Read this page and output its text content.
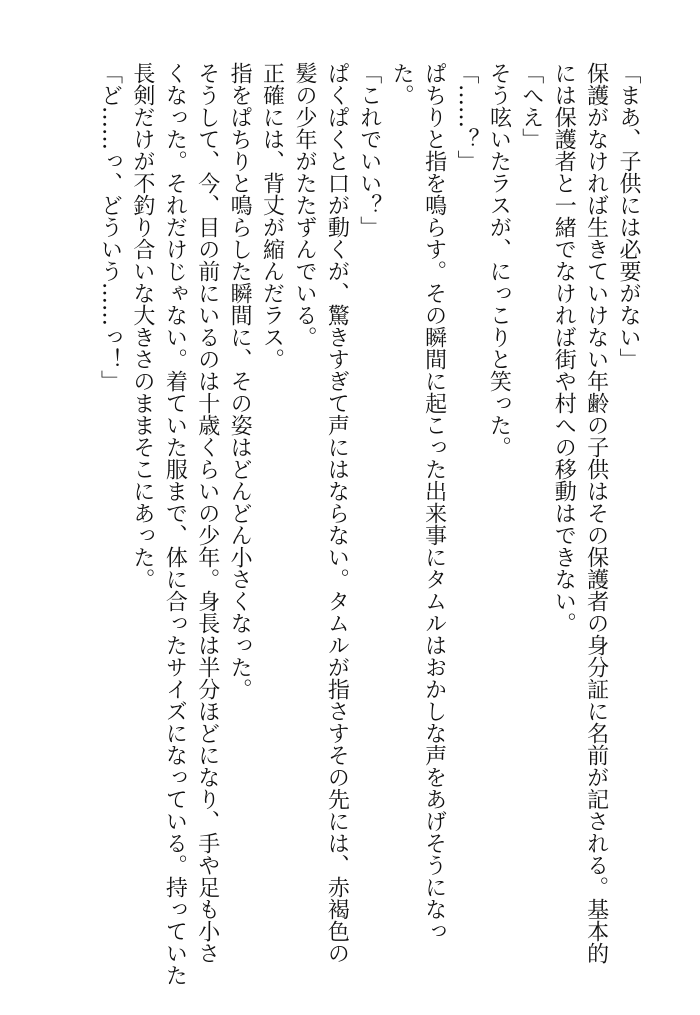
「まあ、子供には必要がない」
保護がなければ生きていけない年齢の子供はその保護者の身分証に名前が記される。基本的
には保護者と一緒でなければ街や村への移動はできない。
「へえ」
そう呟いたラスが、にっこりと笑った。
「……？」
ぱちりと指を鳴らす。その瞬間に起こった出来事にタムルはおかしな声をあげそうになっ
た。
「これでいい？」
ぱくぱくと口が動くが、驚きすぎて声にはならない。タムルが指さすその先には、赤褐色の
髪の少年がたたずんでいる。
正確には、背丈が縮んだラス。
指をぱちりと鳴らした瞬間に、その姿はどんどん小さくなった。
そうして、今、目の前にいるのは十歳くらいの少年。身長は半分ほどになり、手や足も小さ
くなった。それだけじゃない。着ていた服まで、体に合ったサイズになっている。持っていた
長剣だけが不釣り合いな大きさのままそこにあった。
「ど……っ、どういう……っ！」
